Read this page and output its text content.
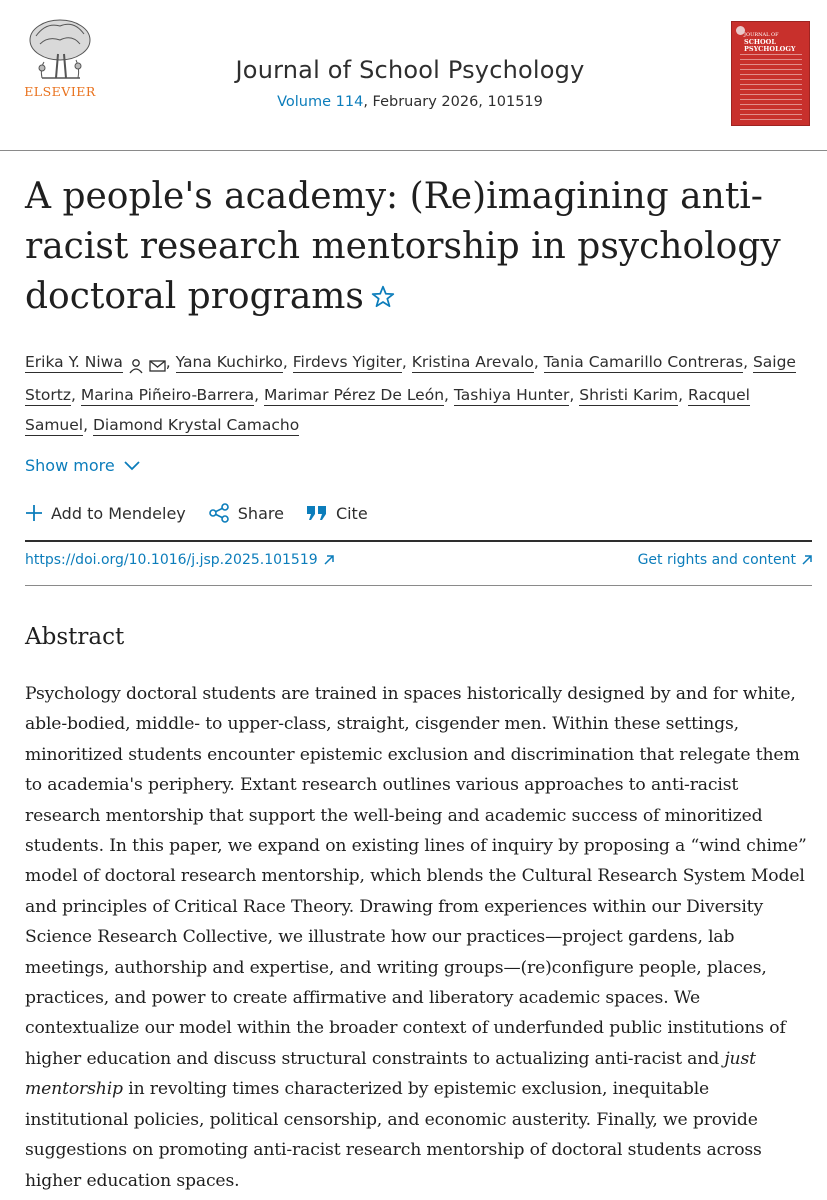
ELSEVIER
Journal of School Psychology
Volume 114, February 2026, 101519
JOURNAL OF
SCHOOL PSYCHOLOGY
A people's academy: (Re)imagining anti-racist research mentorship in psychology doctoral programs
Erika Y. Niwa	, Yana Kuchirko, Firdevs Yigiter, Kristina Arevalo, Tania Camarillo Contreras, Saige Stortz, Marina Piñeiro-Barrera, Marimar Pérez De León, Tashiya Hunter, Shristi Karim, Racquel Samuel, Diamond Krystal Camacho
Show more
Add to Mendeley	Share	Cite
https://doi.org/10.1016/j.jsp.2025.101519	Get rights and content
Abstract

Psychology doctoral students are trained in spaces historically designed by and for white, able-bodied, middle- to upper-class, straight, cisgender men. Within these settings, minoritized students encounter epistemic exclusion and discrimination that relegate them to academia's periphery. Extant research outlines various approaches to anti-racist research mentorship that support the well-being and academic success of minoritized students. In this paper, we expand on existing lines of inquiry by proposing a “wind chime” model of doctoral research mentorship, which blends the Cultural Research System Model and principles of Critical Race Theory. Drawing from experiences within our Diversity Science Research Collective, we illustrate how our practices—project gardens, lab meetings, authorship and expertise, and writing groups—(re)configure people, places, practices, and power to create affirmative and liberatory academic spaces. We contextualize our model within the broader context of underfunded public institutions of higher education and discuss structural constraints to actualizing anti-racist and just mentorship in revolting times characterized by epistemic exclusion, inequitable institutional policies, political censorship, and economic austerity. Finally, we provide suggestions on promoting anti-racist research mentorship of doctoral students across higher education spaces.
